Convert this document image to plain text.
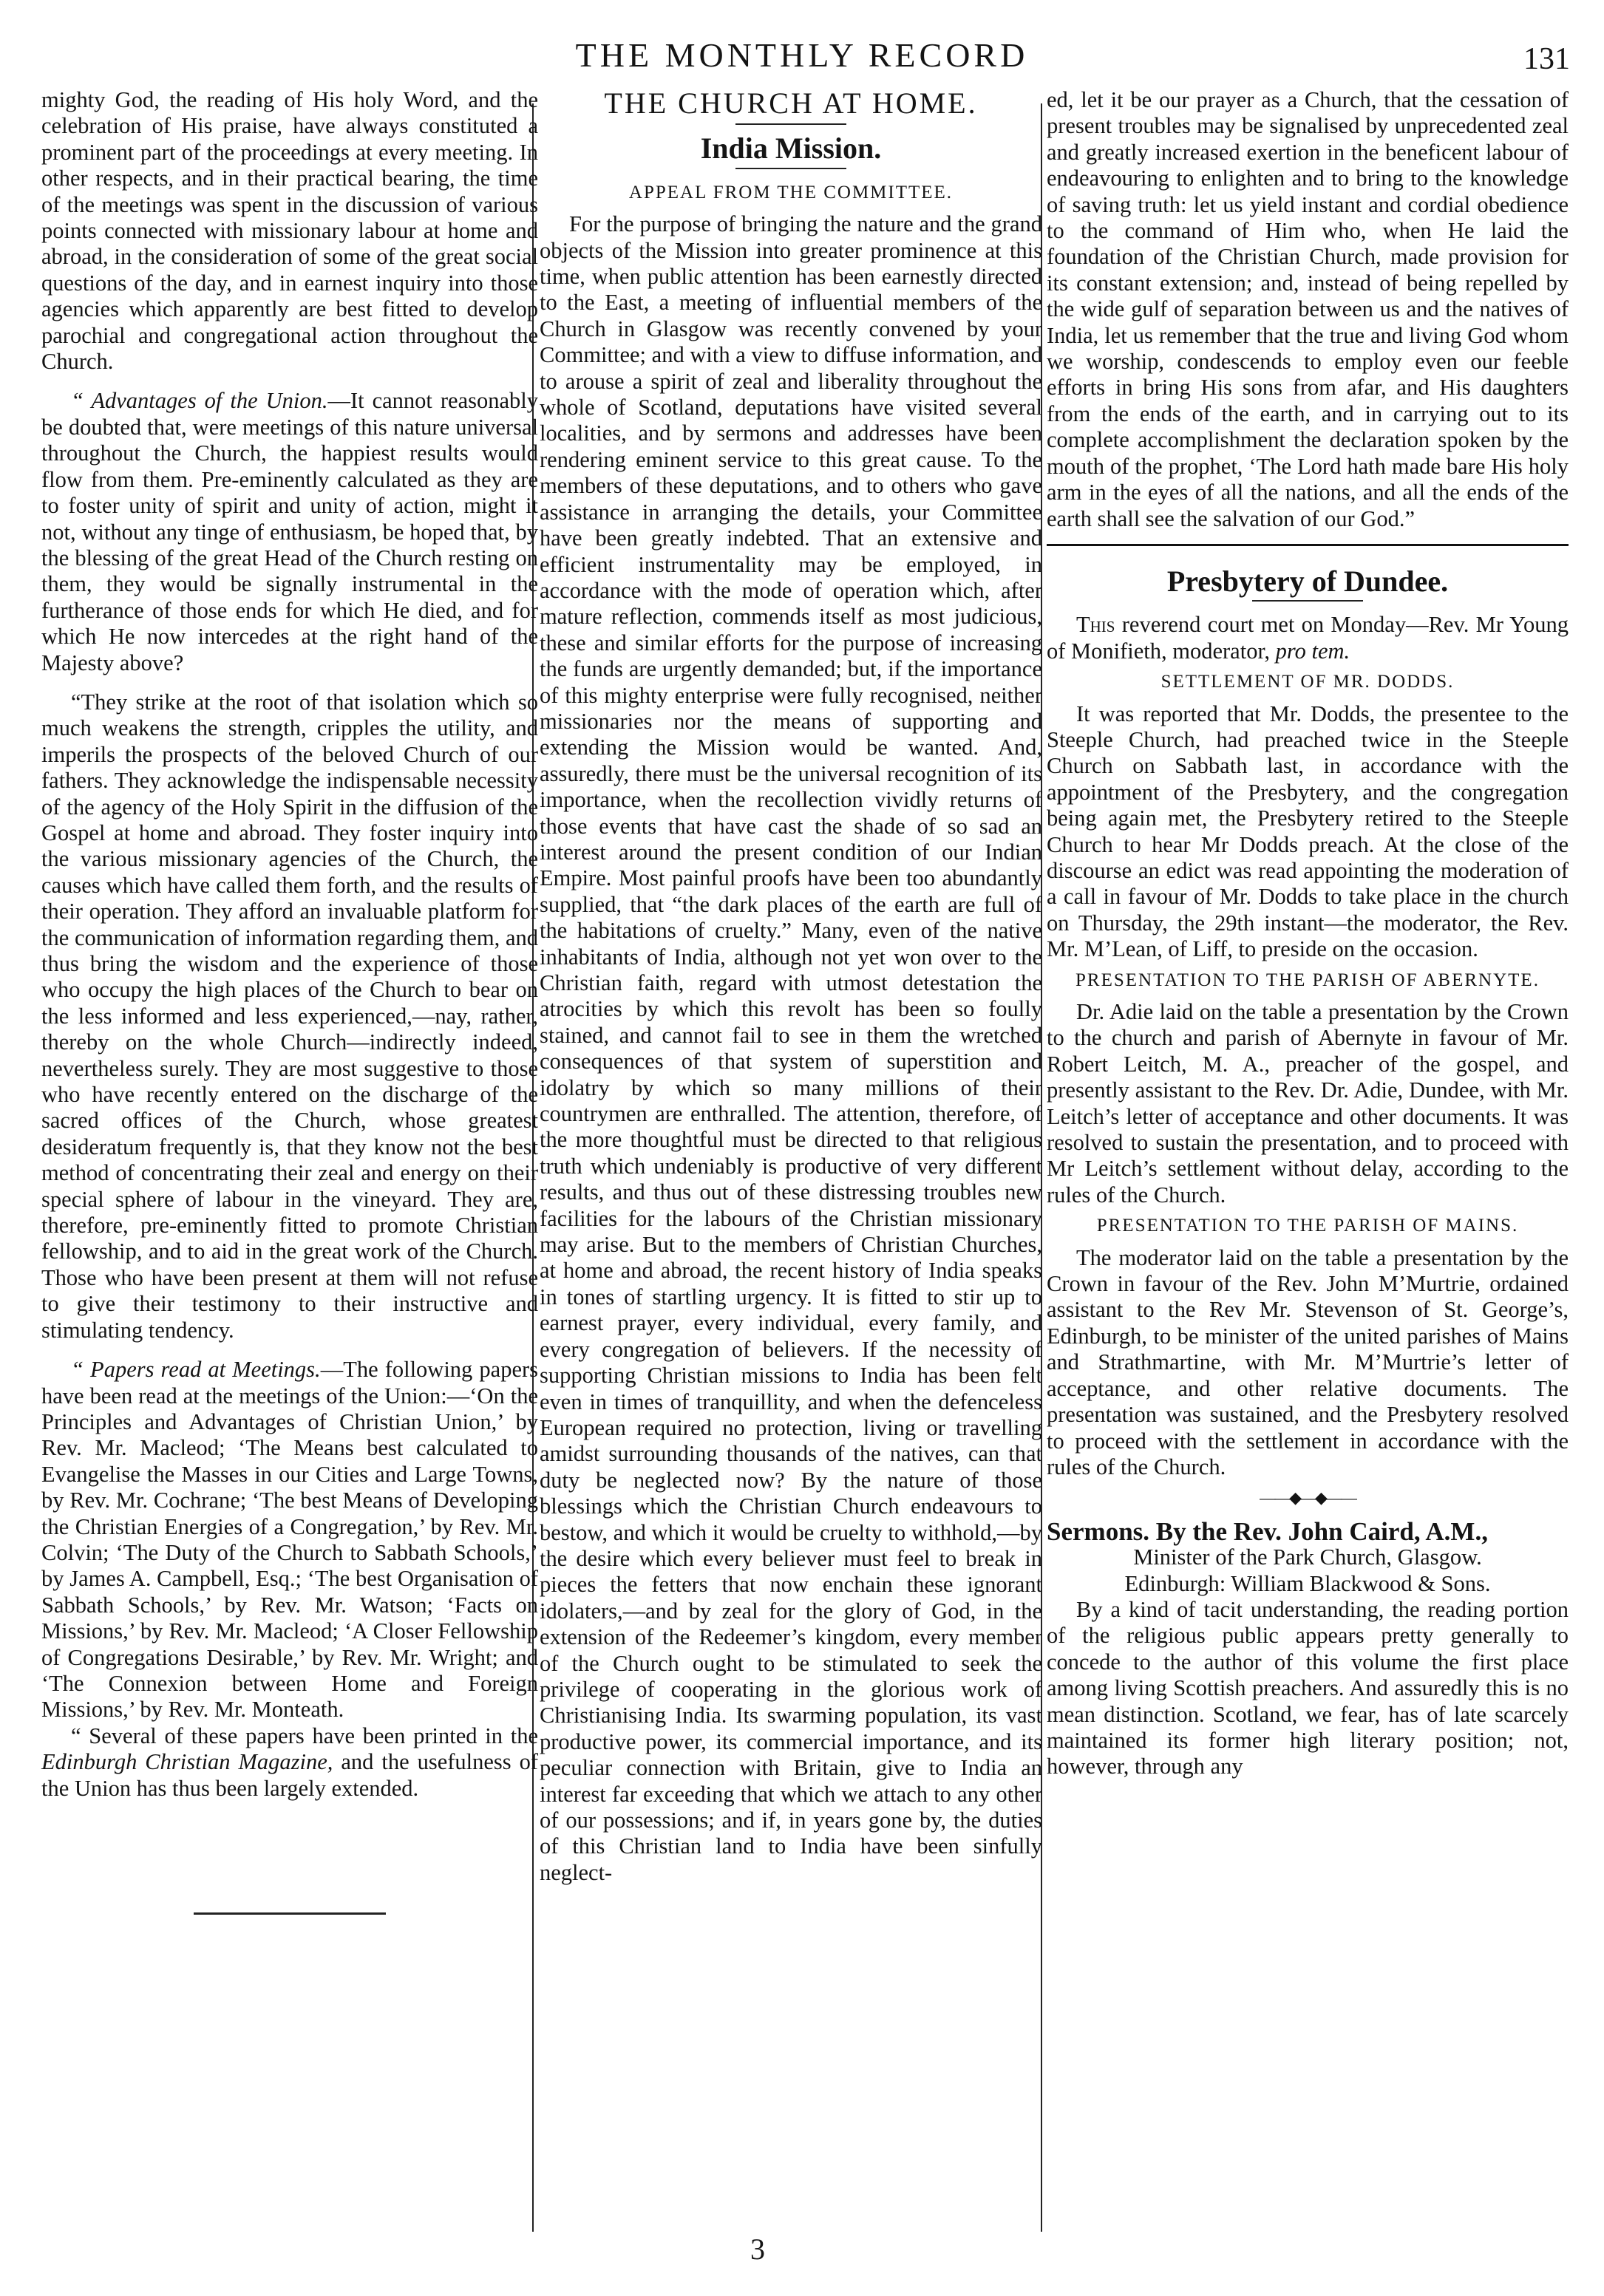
THE MONTHLY RECORD	131

mighty God, the reading of His holy Word, and the celebration of His praise, have always constituted a prominent part of the proceedings at every meeting. In other respects, and in their practical bearing, the time of the meetings was spent in the discussion of various points connected with missionary labour at home and abroad, in the consideration of some of the great social questions of the day, and in earnest inquiry into those agencies which apparently are best fitted to develop parochial and congregational action throughout the Church.

“ Advantages of the Union.—It cannot reasonably be doubted that, were meetings of this nature universal throughout the Church, the happiest results would flow from them. Pre-eminently calculated as they are to foster unity of spirit and unity of action, might it not, without any tinge of enthusiasm, be hoped that, by the blessing of the great Head of the Church resting on them, they would be signally instrumental in the furtherance of those ends for which He died, and for which He now intercedes at the right hand of the Majesty above?

“They strike at the root of that isolation which so much weakens the strength, cripples the utility, and imperils the prospects of the beloved Church of our fathers. They acknowledge the indispensable necessity of the agency of the Holy Spirit in the diffusion of the Gospel at home and abroad. They foster inquiry into the various missionary agencies of the Church, the causes which have called them forth, and the results of their operation. They afford an invaluable platform for the communication of information regarding them, and thus bring the wisdom and the experience of those who occupy the high places of the Church to bear on the less informed and less experienced,—nay, rather, thereby on the whole Church—indirectly indeed, nevertheless surely. They are most suggestive to those who have recently entered on the discharge of the sacred offices of the Church, whose greatest desideratum frequently is, that they know not the best method of concentrating their zeal and energy on their special sphere of labour in the vineyard. They are, therefore, pre-eminently fitted to promote Christian fellowship, and to aid in the great work of the Church. Those who have been present at them will not refuse to give their testimony to their instructive and stimulating tendency.

“ Papers read at Meetings.—The following papers have been read at the meetings of the Union:—‘On the Principles and Advantages of Christian Union,’ by Rev. Mr. Macleod; ‘The Means best calculated to Evangelise the Masses in our Cities and Large Towns, by Rev. Mr. Cochrane; ‘The best Means of Developing the Christian Energies of a Congregation,’ by Rev. Mr. Colvin; ‘The Duty of the Church to Sabbath Schools,’ by James A. Campbell, Esq.; ‘The best Organisation of Sabbath Schools,’ by Rev. Mr. Watson; ‘Facts on Missions,’ by Rev. Mr. Macleod; ‘A Closer Fellowship of Congregations Desirable,’ by Rev. Mr. Wright; and ‘The Connexion between Home and Foreign Missions,’ by Rev. Mr. Monteath.

“ Several of these papers have been printed in the Edinburgh Christian Magazine, and the usefulness of the Union has thus been largely extended.

THE CHURCH AT HOME.
India Mission.
APPEAL FROM THE COMMITTEE.

For the purpose of bringing the nature and the grand objects of the Mission into greater prominence at this time, when public attention has been earnestly directed to the East, a meeting of influential members of the Church in Glasgow was recently convened by your Committee; and with a view to diffuse information, and to arouse a spirit of zeal and liberality throughout the whole of Scotland, deputations have visited several localities, and by sermons and addresses have been rendering eminent service to this great cause. To the members of these deputations, and to others who gave assistance in arranging the details, your Committee have been greatly indebted. That an extensive and efficient instrumentality may be employed, in accordance with the mode of operation which, after mature reflection, commends itself as most judicious, these and similar efforts for the purpose of increasing the funds are urgently demanded; but, if the importance of this mighty enterprise were fully recognised, neither missionaries nor the means of supporting and extending the Mission would be wanted. And, assuredly, there must be the universal recognition of its importance, when the recollection vividly returns of those events that have cast the shade of so sad an interest around the present condition of our Indian Empire. Most painful proofs have been too abundantly supplied, that “the dark places of the earth are full of the habitations of cruelty.” Many, even of the native inhabitants of India, although not yet won over to the Christian faith, regard with utmost detestation the atrocities by which this revolt has been so foully stained, and cannot fail to see in them the wretched consequences of that system of superstition and idolatry by which so many millions of their countrymen are enthralled. The attention, therefore, of the more thoughtful must be directed to that religious truth which undeniably is productive of very different results, and thus out of these distressing troubles new facilities for the labours of the Christian missionary may arise. But to the members of Christian Churches, at home and abroad, the recent history of India speaks in tones of startling urgency. It is fitted to stir up to earnest prayer, every individual, every family, and every congregation of believers. If the necessity of supporting Christian missions to India has been felt even in times of tranquillity, and when the defenceless European required no protection, living or travelling amidst surrounding thousands of the natives, can that duty be neglected now? By the nature of those blessings which the Christian Church endeavours to bestow, and which it would be cruelty to withhold,—by the desire which every believer must feel to break in pieces the fetters that now enchain these ignorant idolaters,—and by zeal for the glory of God, in the extension of the Redeemer’s kingdom, every member of the Church ought to be stimulated to seek the privilege of cooperating in the glorious work of Christianising India. Its swarming population, its vast productive power, its commercial importance, and its peculiar connection with Britain, give to India an interest far exceeding that which we attach to any other of our possessions; and if, in years gone by, the duties of this Christian land to India have been sinfully neglect-

ed, let it be our prayer as a Church, that the cessation of present troubles may be signalised by unprecedented zeal and greatly increased exertion in the beneficent labour of endeavouring to enlighten and to bring to the knowledge of saving truth: let us yield instant and cordial obedience to the command of Him who, when He laid the foundation of the Christian Church, made provision for its constant extension; and, instead of being repelled by the wide gulf of separation between us and the natives of India, let us remember that the true and living God whom we worship, condescends to employ even our feeble efforts in bring His sons from afar, and His daughters from the ends of the earth, and in carrying out to its complete accomplishment the declaration spoken by the mouth of the prophet, ‘The Lord hath made bare His holy arm in the eyes of all the nations, and all the ends of the earth shall see the salvation of our God.”

Presbytery of Dundee.

This reverend court met on Monday—Rev. Mr Young of Monifieth, moderator, pro tem.

SETTLEMENT OF MR. DODDS.

It was reported that Mr. Dodds, the presentee to the Steeple Church, had preached twice in the Steeple Church on Sabbath last, in accordance with the appointment of the Presbytery, and the congregation being again met, the Presbytery retired to the Steeple Church to hear Mr Dodds preach. At the close of the discourse an edict was read appointing the moderation of a call in favour of Mr. Dodds to take place in the church on Thursday, the 29th instant—the moderator, the Rev. Mr. M’Lean, of Liff, to preside on the occasion.

PRESENTATION TO THE PARISH OF ABERNYTE.

Dr. Adie laid on the table a presentation by the Crown to the church and parish of Abernyte in favour of Mr. Robert Leitch, M. A., preacher of the gospel, and presently assistant to the Rev. Dr. Adie, Dundee, with Mr. Leitch’s letter of acceptance and other documents. It was resolved to sustain the presentation, and to proceed with Mr Leitch’s settlement without delay, according to the rules of the Church.

PRESENTATION TO THE PARISH OF MAINS.

The moderator laid on the table a presentation by the Crown in favour of the Rev. John M’Murtrie, ordained assistant to the Rev Mr. Stevenson of St. George’s, Edinburgh, to be minister of the united parishes of Mains and Strathmartine, with Mr. M’Murtrie’s letter of acceptance, and other relative documents. The presentation was sustained, and the Presbytery resolved to proceed with the settlement in accordance with the rules of the Church.

——◆—◆——
Sermons. By the Rev. John Caird, A.M.,
Minister of the Park Church, Glasgow.
Edinburgh: William Blackwood & Sons.

By a kind of tacit understanding, the reading portion of the religious public appears pretty generally to concede to the author of this volume the first place among living Scottish preachers. And assuredly this is no mean distinction. Scotland, we fear, has of late scarcely maintained its former high literary position; not, however, through any

3
